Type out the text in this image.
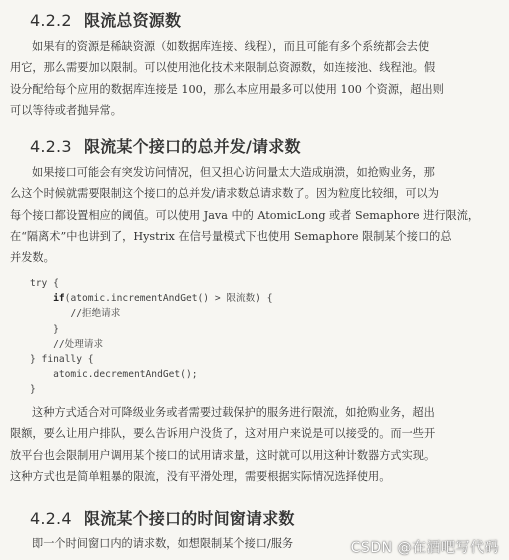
4.2.2 限流总资源数
如果有的资源是稀缺资源（如数据库连接、线程），而且可能有多个系统都会去使
用它，那么需要加以限制。可以使用池化技术来限制总资源数，如连接池、线程池。假
设分配给每个应用的数据库连接是 100，那么本应用最多可以使用 100 个资源，超出则
可以等待或者抛异常。
4.2.3 限流某个接口的总并发/请求数
如果接口可能会有突发访问情况，但又担心访问量太大造成崩溃，如抢购业务，那
么这个时候就需要限制这个接口的总并发/请求数总请求数了。因为粒度比较细，可以为
每个接口都设置相应的阈值。可以使用 Java 中的 AtomicLong 或者 Semaphore 进行限流，
在“隔离术”中也讲到了，Hystrix 在信号量模式下也使用 Semaphore 限制某个接口的总
并发数。
try {
if(atomic.incrementAndGet() > 限流数) {
//拒绝请求
}
//处理请求
} finally {
atomic.decrementAndGet();
}
这种方式适合对可降级业务或者需要过载保护的服务进行限流，如抢购业务，超出
限额，要么让用户排队，要么告诉用户没货了，这对用户来说是可以接受的。而一些开
放平台也会限制用户调用某个接口的试用请求量，这时就可以用这种计数器方式实现。
这种方式也是简单粗暴的限流，没有平滑处理，需要根据实际情况选择使用。
4.2.4 限流某个接口的时间窗请求数
即一个时间窗口内的请求数，如想限制某个接口/服务	CSDN @在酒吧写代码
